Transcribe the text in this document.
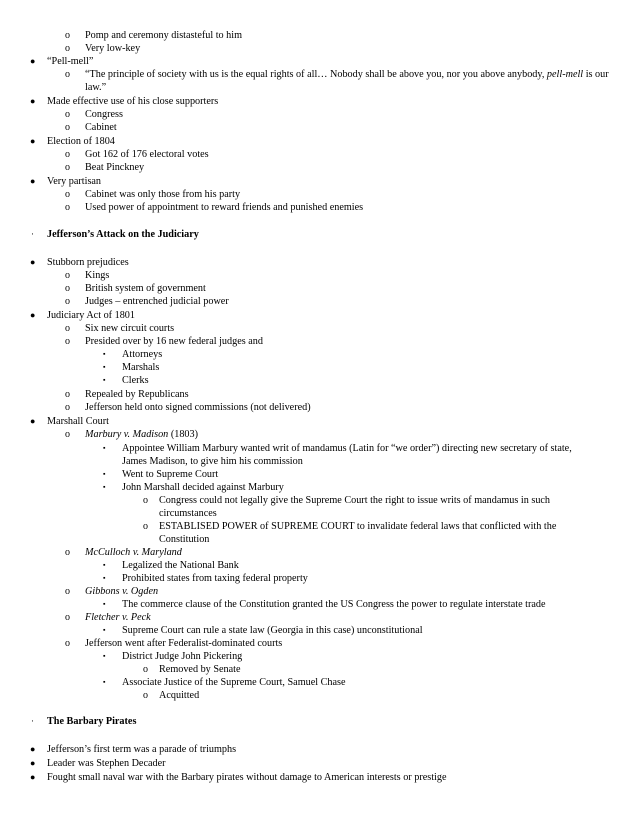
o Pomp and ceremony distasteful to him
o Very low-key
● “Pell-mell”
o “The principle of society with us is the equal rights of all… Nobody shall be above you, nor you above anybody, pell-mell is our law.”
● Made effective use of his close supporters
o Congress
o Cabinet
● Election of 1804
o Got 162 of 176 electoral votes
o Beat Pinckney
● Very partisan
o Cabinet was only those from his party
o Used power of appointment to reward friends and punished enemies
· Jefferson’s Attack on the Judiciary
● Stubborn prejudices
o Kings
o British system of government
o Judges – entrenched judicial power
● Judiciary Act of 1801
o Six new circuit courts
o Presided over by 16 new federal judges and
▪ Attorneys
▪ Marshals
▪ Clerks
o Repealed by Republicans
o Jefferson held onto signed commissions (not delivered)
● Marshall Court
o Marbury v. Madison (1803)
▪ Appointee William Marbury wanted writ of mandamus (Latin for “we order”) directing new secretary of state, James Madison, to give him his commission
▪ Went to Supreme Court
▪ John Marshall decided against Marbury
o Congress could not legally give the Supreme Court the right to issue writs of mandamus in such circumstances
o ESTABLISED POWER of SUPREME COURT to invalidate federal laws that conflicted with the Constitution
o McCulloch v. Maryland
▪ Legalized the National Bank
▪ Prohibited states from taxing federal property
o Gibbons v. Ogden
▪ The commerce clause of the Constitution granted the US Congress the power to regulate interstate trade
o Fletcher v. Peck
▪ Supreme Court can rule a state law (Georgia in this case) unconstitutional
o Jefferson went after Federalist-dominated courts
▪ District Judge John Pickering
o Removed by Senate
▪ Associate Justice of the Supreme Court, Samuel Chase
o Acquitted
· The Barbary Pirates
● Jefferson’s first term was a parade of triumphs
● Leader was Stephen Decader
● Fought small naval war with the Barbary pirates without damage to American interests or prestige
